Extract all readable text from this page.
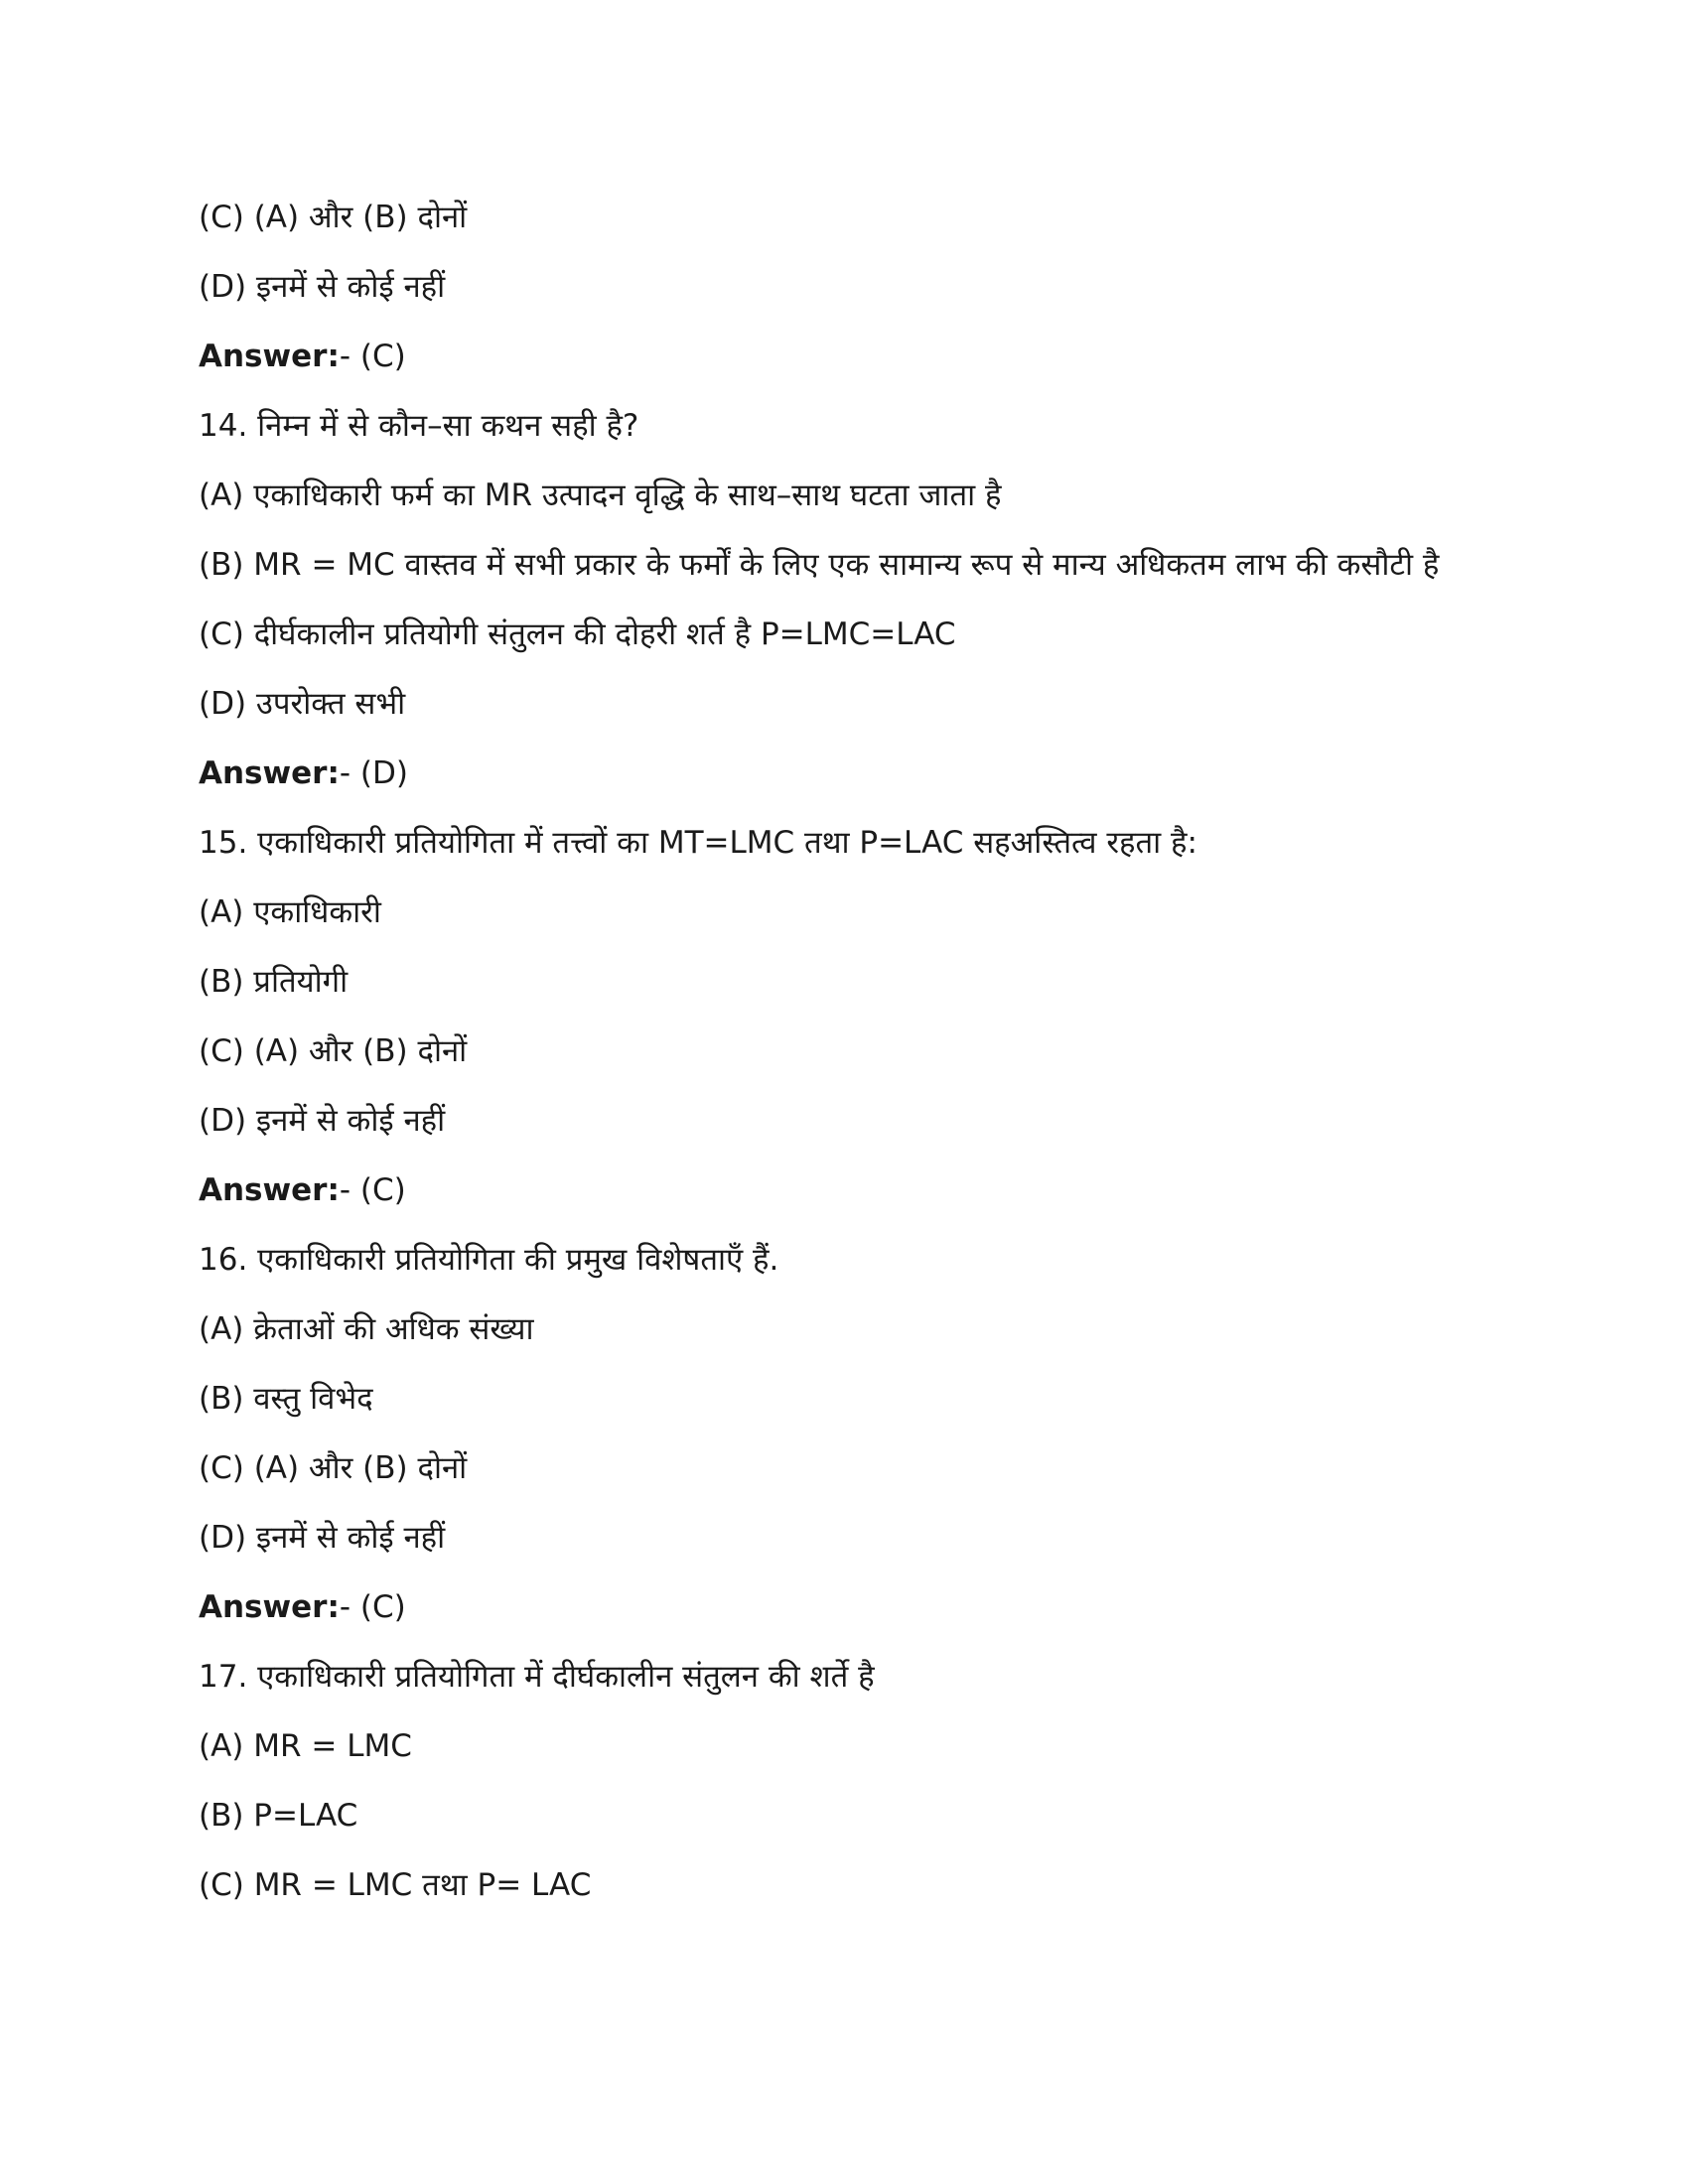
(C) (A) और (B) दोनों
(D) इनमें से कोई नहीं
Answer:- (C)
14. निम्न में से कौन–सा कथन सही है?
(A) एकाधिकारी फर्म का MR उत्पादन वृद्धि के साथ–साथ घटता जाता है
(B) MR = MC वास्तव में सभी प्रकार के फर्मों के लिए एक सामान्य रूप से मान्य अधिकतम लाभ की कसौटी है
(C) दीर्घकालीन प्रतियोगी संतुलन की दोहरी शर्त है P=LMC=LAC
(D) उपरोक्त सभी
Answer:- (D)
15. एकाधिकारी प्रतियोगिता में तत्त्वों का MT=LMC तथा P=LAC सहअस्तित्व रहता है:
(A) एकाधिकारी
(B) प्रतियोगी
(C) (A) और (B) दोनों
(D) इनमें से कोई नहीं
Answer:- (C)
16. एकाधिकारी प्रतियोगिता की प्रमुख विशेषताएँ हैं.
(A) क्रेताओं की अधिक संख्या
(B) वस्तु विभेद
(C) (A) और (B) दोनों
(D) इनमें से कोई नहीं
Answer:- (C)
17. एकाधिकारी प्रतियोगिता में दीर्घकालीन संतुलन की शर्ते है
(A) MR = LMC
(B) P=LAC
(C) MR = LMC तथा P= LAC
